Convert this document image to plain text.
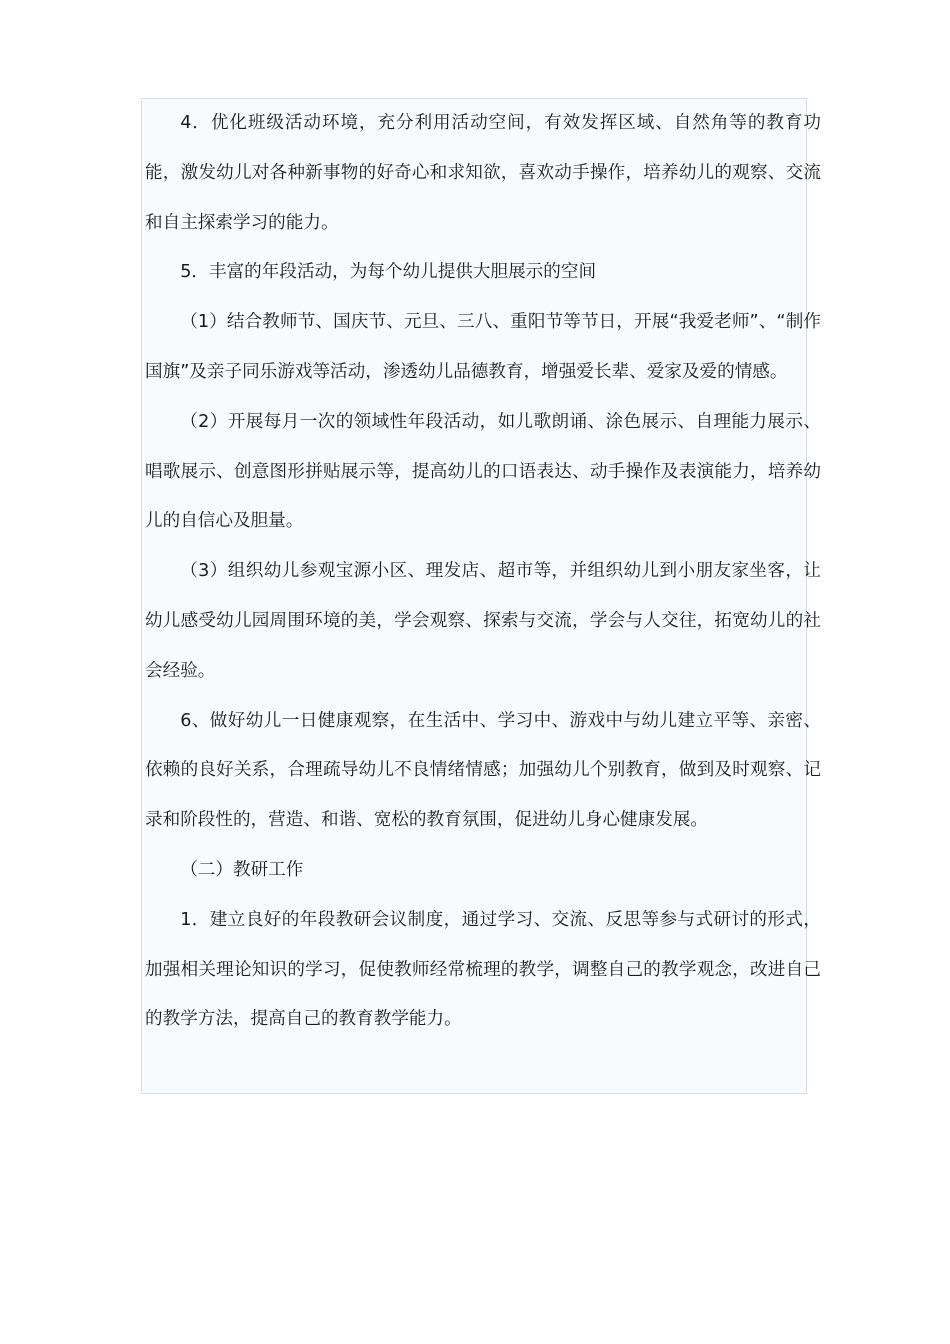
4．优化班级活动环境，充分利用活动空间，有效发挥区域、自然角等的教育功能，激发幼儿对各种新事物的好奇心和求知欲，喜欢动手操作，培养幼儿的观察、交流和自主探索学习的能力。

5．丰富的年段活动，为每个幼儿提供大胆展示的空间

（1）结合教师节、国庆节、元旦、三八、重阳节等节日，开展“我爱老师”、“制作国旗”及亲子同乐游戏等活动，渗透幼儿品德教育，增强爱长辈、爱家及爱的情感。

（2）开展每月一次的领域性年段活动，如儿歌朗诵、涂色展示、自理能力展示、唱歌展示、创意图形拼贴展示等，提高幼儿的口语表达、动手操作及表演能力，培养幼儿的自信心及胆量。

（3）组织幼儿参观宝源小区、理发店、超市等，并组织幼儿到小朋友家坐客，让幼儿感受幼儿园周围环境的美，学会观察、探索与交流，学会与人交往，拓宽幼儿的社会经验。

6、做好幼儿一日健康观察，在生活中、学习中、游戏中与幼儿建立平等、亲密、依赖的良好关系，合理疏导幼儿不良情绪情感；加强幼儿个别教育，做到及时观察、记录和阶段性的，营造、和谐、宽松的教育氛围，促进幼儿身心健康发展。

（二）教研工作

1．建立良好的年段教研会议制度，通过学习、交流、反思等参与式研讨的形式，加强相关理论知识的学习，促使教师经常梳理的教学，调整自己的教学观念，改进自己的教学方法，提高自己的教育教学能力。
